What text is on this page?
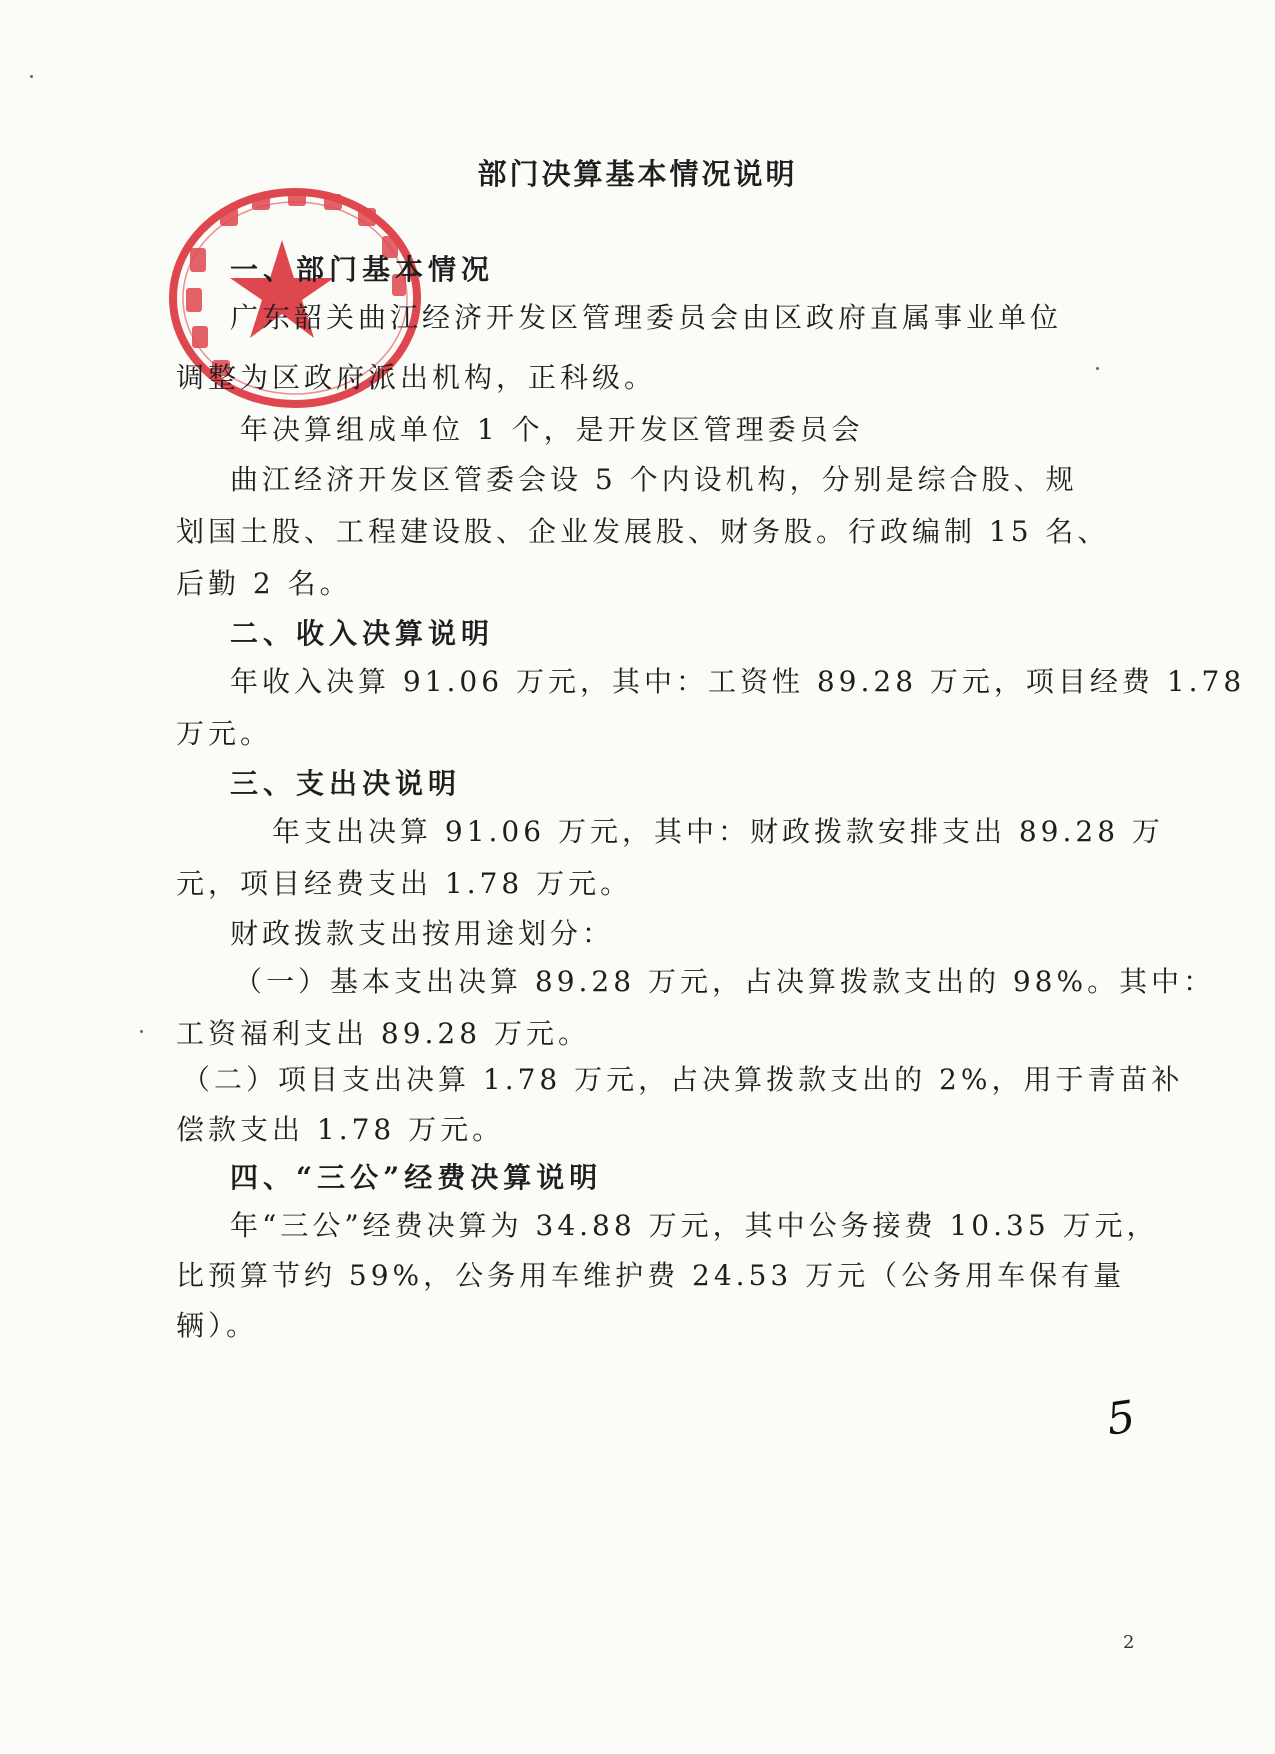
部门决算基本情况说明
一、部门基本情况
广东韶关曲江经济开发区管理委员会由区政府直属事业单位
调整为区政府派出机构，正科级。
年决算组成单位 1 个，是开发区管理委员会
曲江经济开发区管委会设 5 个内设机构，分别是综合股、规
划国土股、工程建设股、企业发展股、财务股。行政编制 15 名、
后勤 2 名。
二、收入决算说明
年收入决算 91.06 万元，其中：工资性 89.28 万元，项目经费 1.78
万元。
三、支出决说明
年支出决算 91.06 万元，其中：财政拨款安排支出 89.28 万
元，项目经费支出 1.78 万元。
财政拨款支出按用途划分：
（一）基本支出决算 89.28 万元，占决算拨款支出的 98%。其中：
工资福利支出 89.28 万元。
（二）项目支出决算 1.78 万元，占决算拨款支出的 2%，用于青苗补
偿款支出 1.78 万元。
四、“三公”经费决算说明
年“三公”经费决算为 34.88 万元，其中公务接费 10.35 万元，
比预算节约 59%，公务用车维护费 24.53 万元（公务用车保有量
辆）。
5
2
